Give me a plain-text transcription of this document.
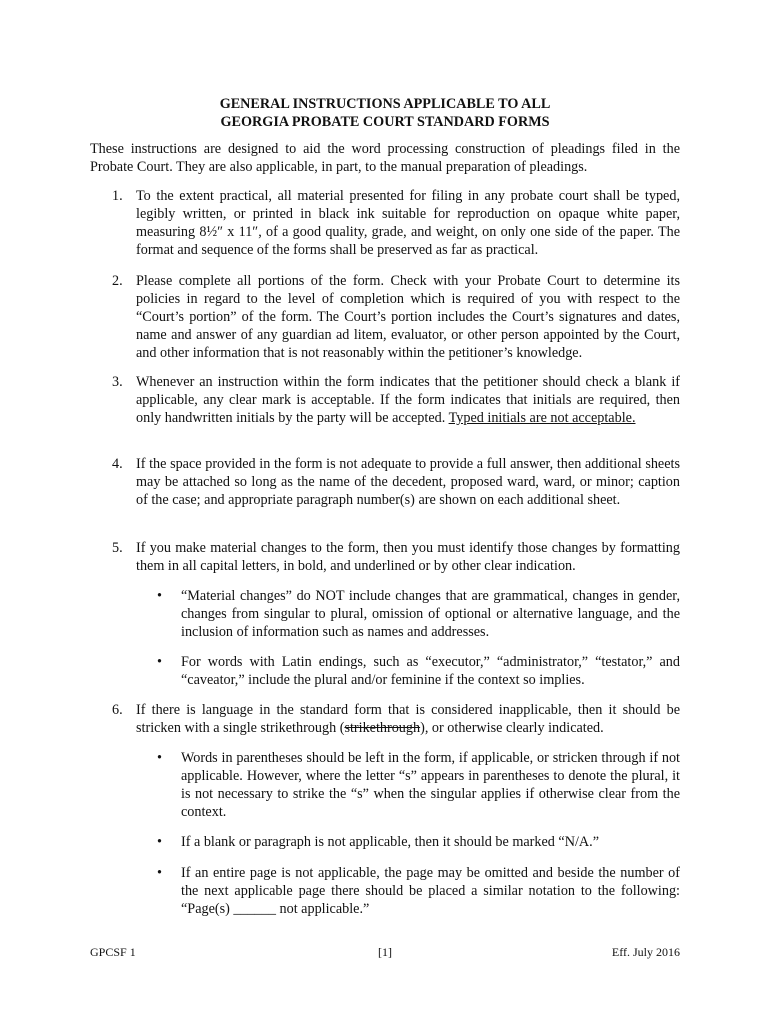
GENERAL INSTRUCTIONS APPLICABLE TO ALL
GEORGIA PROBATE COURT STANDARD FORMS
These instructions are designed to aid the word processing construction of pleadings filed in the Probate Court. They are also applicable, in part, to the manual preparation of pleadings.
1. To the extent practical, all material presented for filing in any probate court shall be typed, legibly written, or printed in black ink suitable for reproduction on opaque white paper, measuring 8½″ x 11″, of a good quality, grade, and weight, on only one side of the paper. The format and sequence of the forms shall be preserved as far as practical.
2. Please complete all portions of the form. Check with your Probate Court to determine its policies in regard to the level of completion which is required of you with respect to the “Court’s portion” of the form. The Court’s portion includes the Court’s signatures and dates, name and answer of any guardian ad litem, evaluator, or other person appointed by the Court, and other information that is not reasonably within the petitioner’s knowledge.
3. Whenever an instruction within the form indicates that the petitioner should check a blank if applicable, any clear mark is acceptable. If the form indicates that initials are required, then only handwritten initials by the party will be accepted. Typed initials are not acceptable.
4. If the space provided in the form is not adequate to provide a full answer, then additional sheets may be attached so long as the name of the decedent, proposed ward, ward, or minor; caption of the case; and appropriate paragraph number(s) are shown on each additional sheet.
5. If you make material changes to the form, then you must identify those changes by formatting them in all capital letters, in bold, and underlined or by other clear indication.
• “Material changes” do NOT include changes that are grammatical, changes in gender, changes from singular to plural, omission of optional or alternative language, and the inclusion of information such as names and addresses.
• For words with Latin endings, such as “executor,” “administrator,” “testator,” and “caveator,” include the plural and/or feminine if the context so implies.
6. If there is language in the standard form that is considered inapplicable, then it should be stricken with a single strikethrough (strikethrough), or otherwise clearly indicated.
• Words in parentheses should be left in the form, if applicable, or stricken through if not applicable. However, where the letter “s” appears in parentheses to denote the plural, it is not necessary to strike the “s” when the singular applies if otherwise clear from the context.
• If a blank or paragraph is not applicable, then it should be marked “N/A.”
• If an entire page is not applicable, the page may be omitted and beside the number of the next applicable page there should be placed a similar notation to the following: “Page(s) ______ not applicable.”
GPCSF 1	[1]	Eff. July 2016
